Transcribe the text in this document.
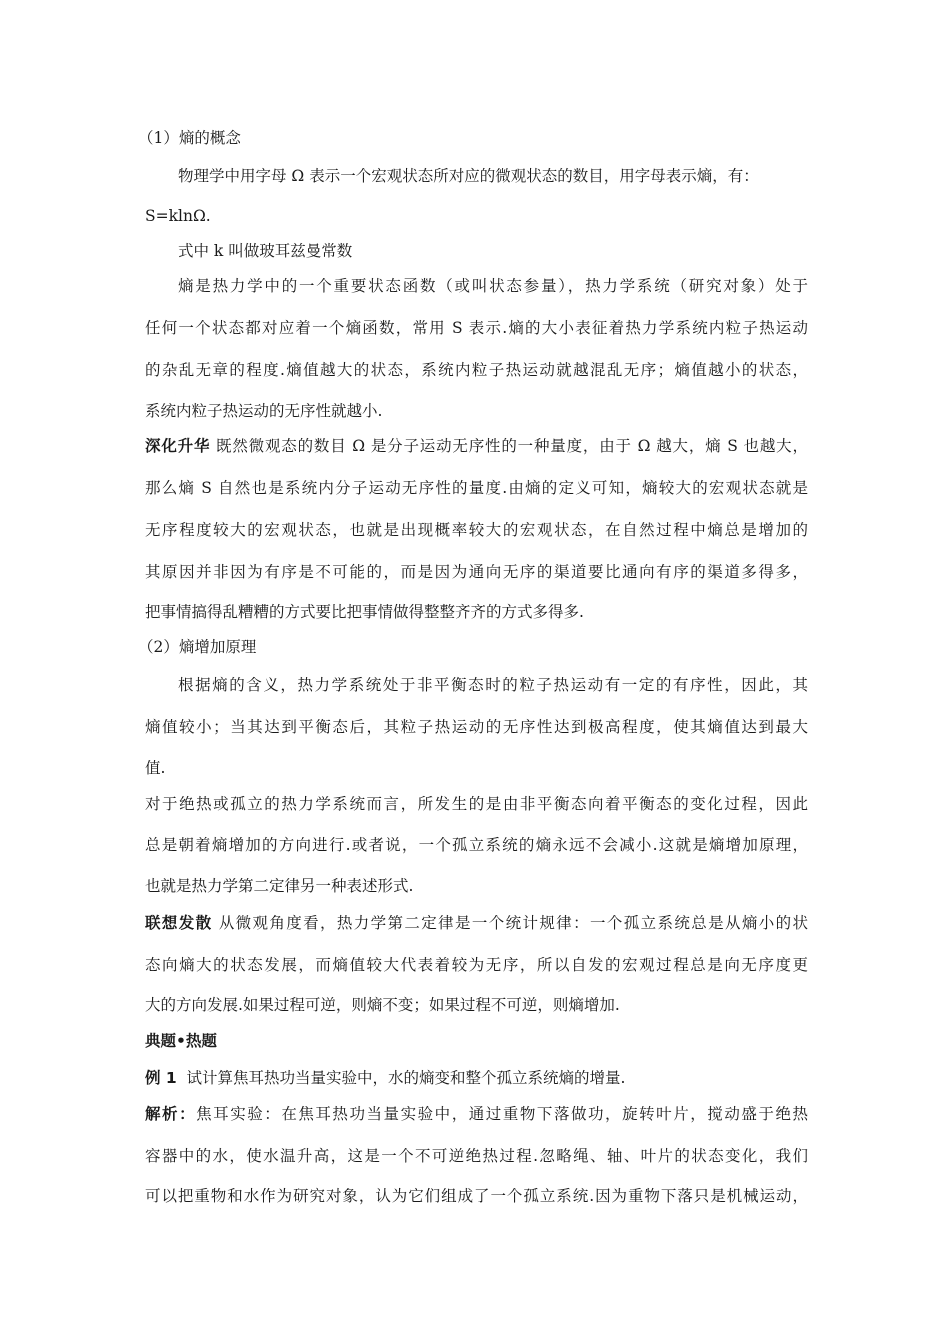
（1）熵的概念
物理学中用字母 Ω 表示一个宏观状态所对应的微观状态的数目，用字母表示熵，有：
S=klnΩ.
式中 k 叫做玻耳兹曼常数
熵是热力学中的一个重要状态函数（或叫状态参量），热力学系统（研究对象）处于
任何一个状态都对应着一个熵函数，常用 S 表示.熵的大小表征着热力学系统内粒子热运动
的杂乱无章的程度.熵值越大的状态，系统内粒子热运动就越混乱无序；熵值越小的状态，
系统内粒子热运动的无序性就越小.
深化升华 既然微观态的数目 Ω 是分子运动无序性的一种量度，由于 Ω 越大，熵 S 也越大，
那么熵 S 自然也是系统内分子运动无序性的量度.由熵的定义可知，熵较大的宏观状态就是
无序程度较大的宏观状态，也就是出现概率较大的宏观状态，在自然过程中熵总是增加的
其原因并非因为有序是不可能的，而是因为通向无序的渠道要比通向有序的渠道多得多，
把事情搞得乱糟糟的方式要比把事情做得整整齐齐的方式多得多.
（2）熵增加原理
根据熵的含义，热力学系统处于非平衡态时的粒子热运动有一定的有序性，因此，其
熵值较小；当其达到平衡态后，其粒子热运动的无序性达到极高程度，使其熵值达到最大
值.
对于绝热或孤立的热力学系统而言，所发生的是由非平衡态向着平衡态的变化过程，因此
总是朝着熵增加的方向进行.或者说，一个孤立系统的熵永远不会减小.这就是熵增加原理，
也就是热力学第二定律另一种表述形式.
联想发散 从微观角度看，热力学第二定律是一个统计规律：一个孤立系统总是从熵小的状
态向熵大的状态发展，而熵值较大代表着较为无序，所以自发的宏观过程总是向无序度更
大的方向发展.如果过程可逆，则熵不变；如果过程不可逆，则熵增加.
典题•热题
例 1 试计算焦耳热功当量实验中，水的熵变和整个孤立系统熵的增量.
解析：焦耳实验：在焦耳热功当量实验中，通过重物下落做功，旋转叶片，搅动盛于绝热
容器中的水，使水温升高，这是一个不可逆绝热过程.忽略绳、轴、叶片的状态变化，我们
可以把重物和水作为研究对象，认为它们组成了一个孤立系统.因为重物下落只是机械运动，
